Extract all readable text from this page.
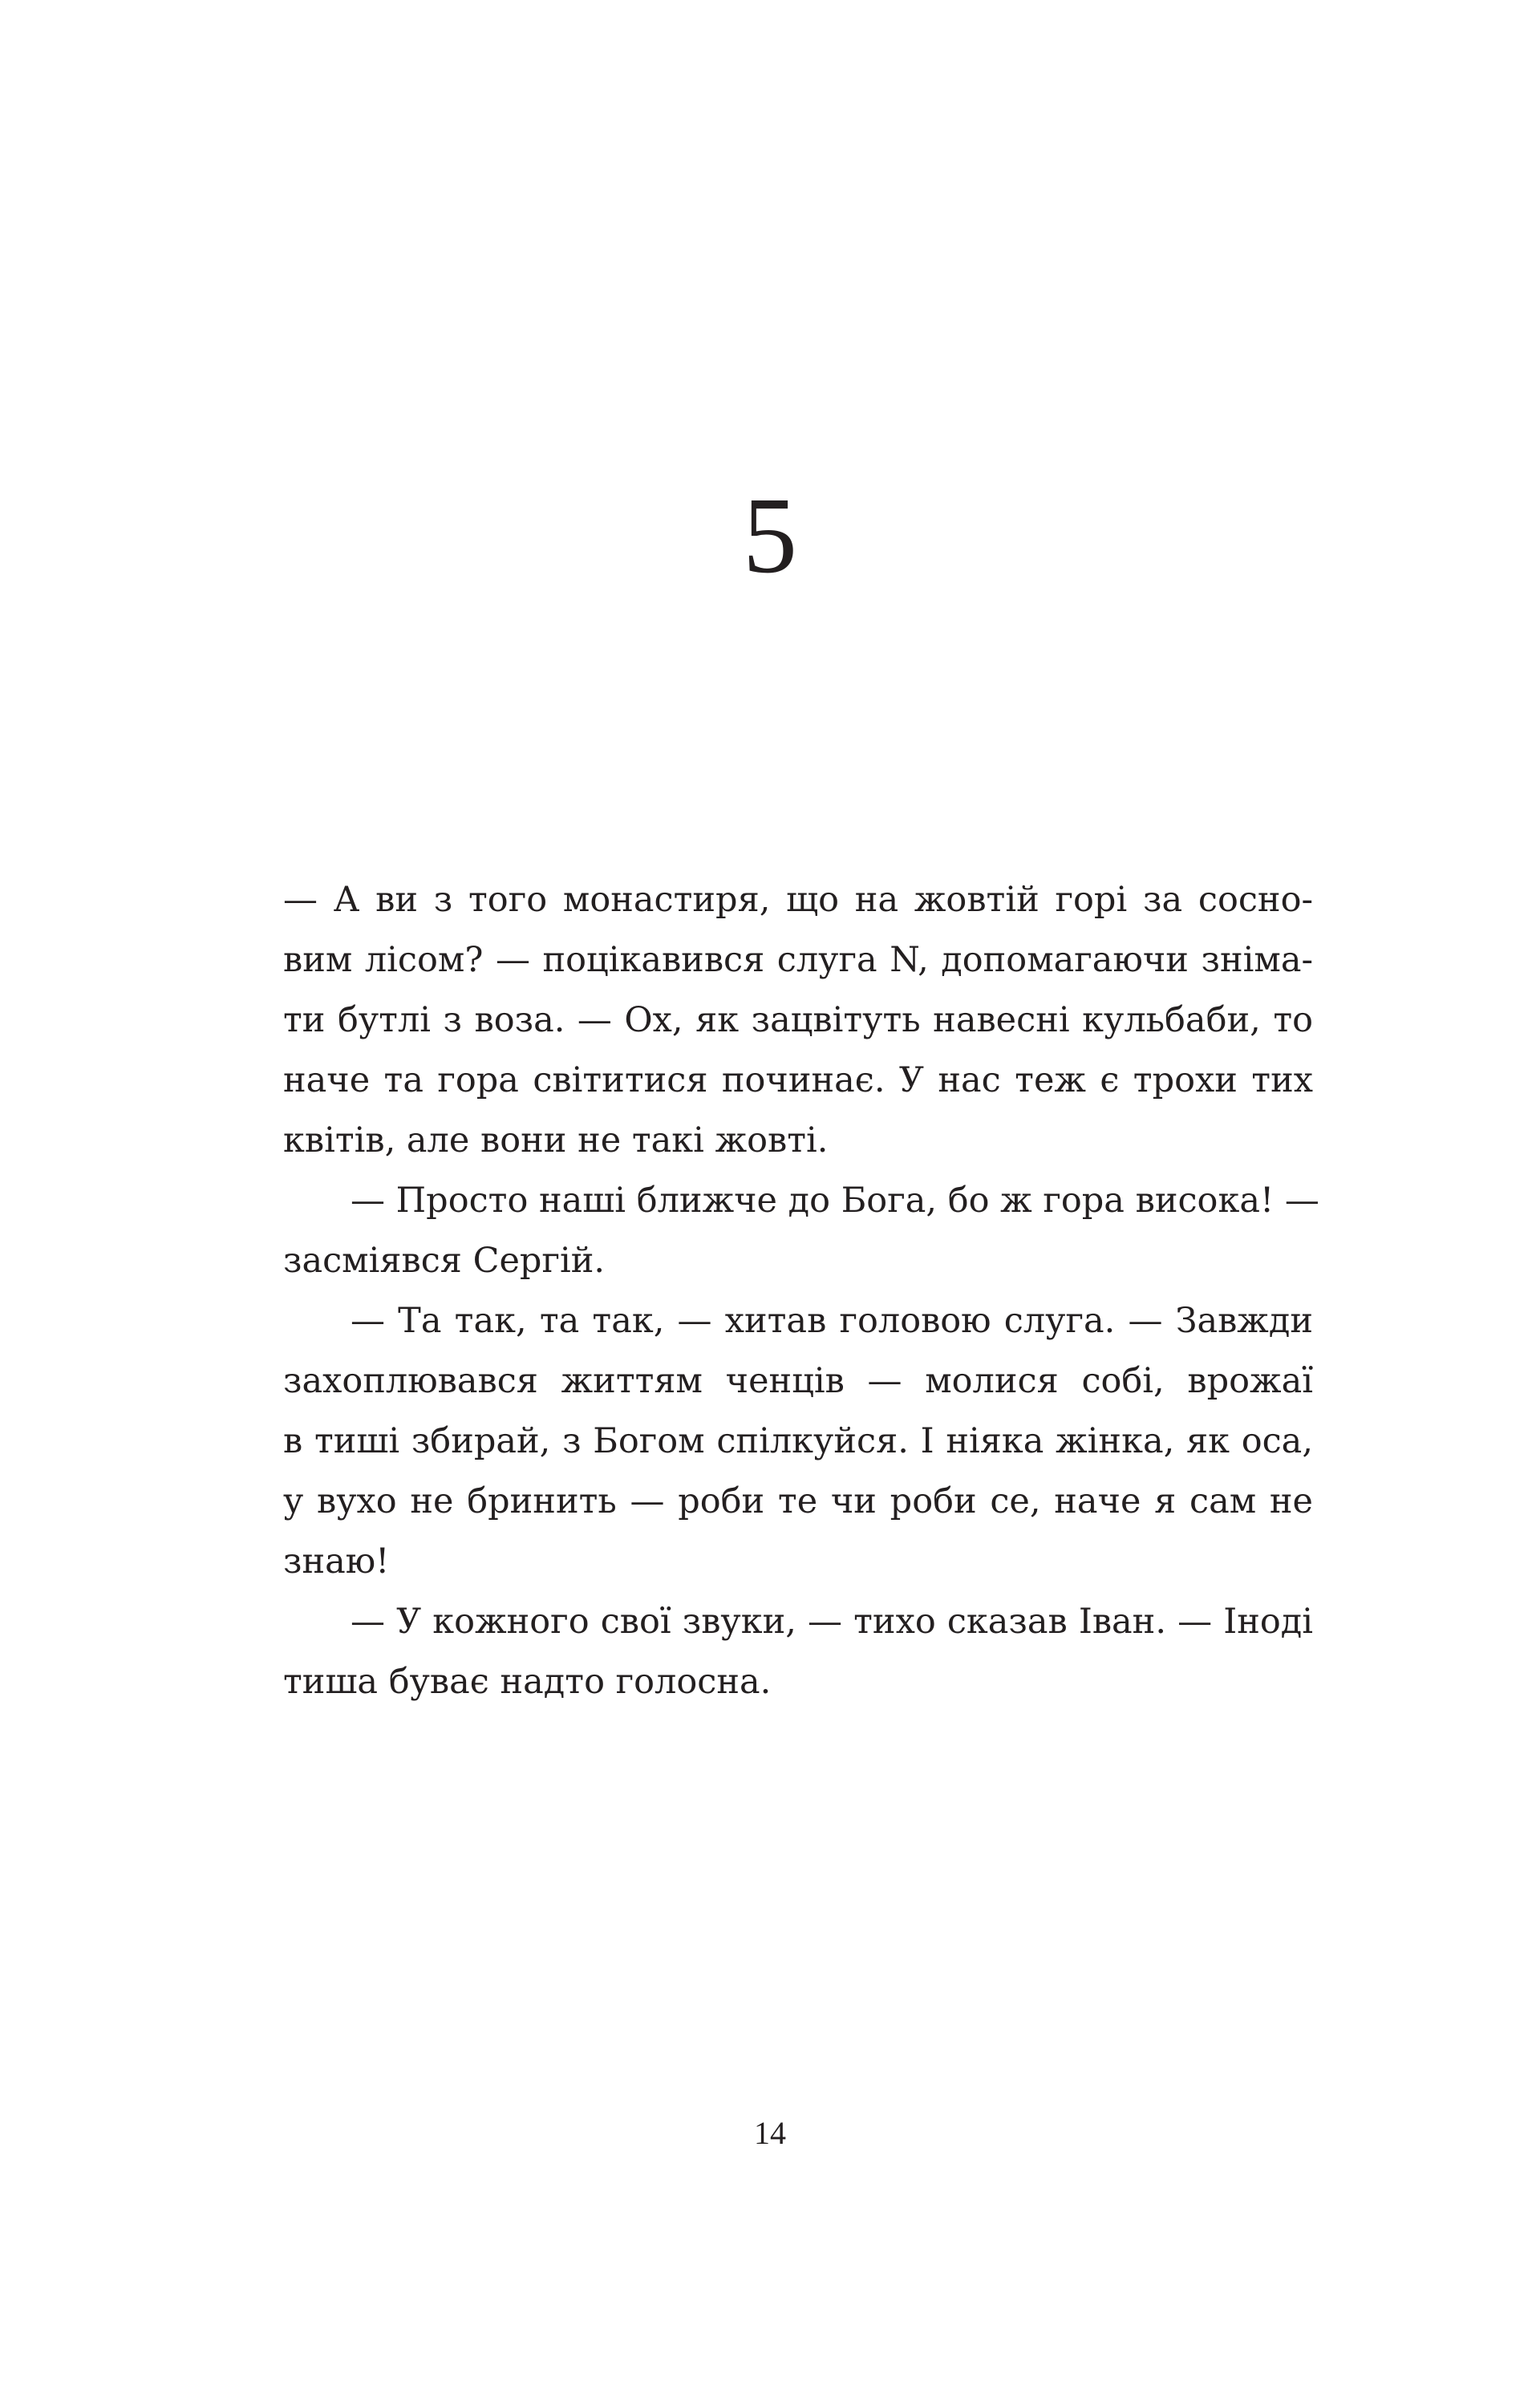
5
— А ви з того монастиря, що на жовтій горі за сосно-
вим лісом? — поцікавився слуга N, допомагаючи зніма-
ти бутлі з воза. — Ох, як зацвітуть навесні кульбаби, то
наче та гора світитися починає. У нас теж є трохи тих
квітів, але вони не такі жовті.
— Просто наші ближче до Бога, бо ж гора висока! —
засміявся Сергій.
— Та так, та так, — хитав головою слуга. — Завжди
захоплювався життям ченців — молися собі, врожаї
в тиші збирай, з Богом спілкуйся. І ніяка жінка, як оса,
у вухо не бринить — роби те чи роби се, наче я сам не
знаю!
— У кожного свої звуки, — тихо сказав Іван. — Іноді
тиша буває надто голосна.
14
